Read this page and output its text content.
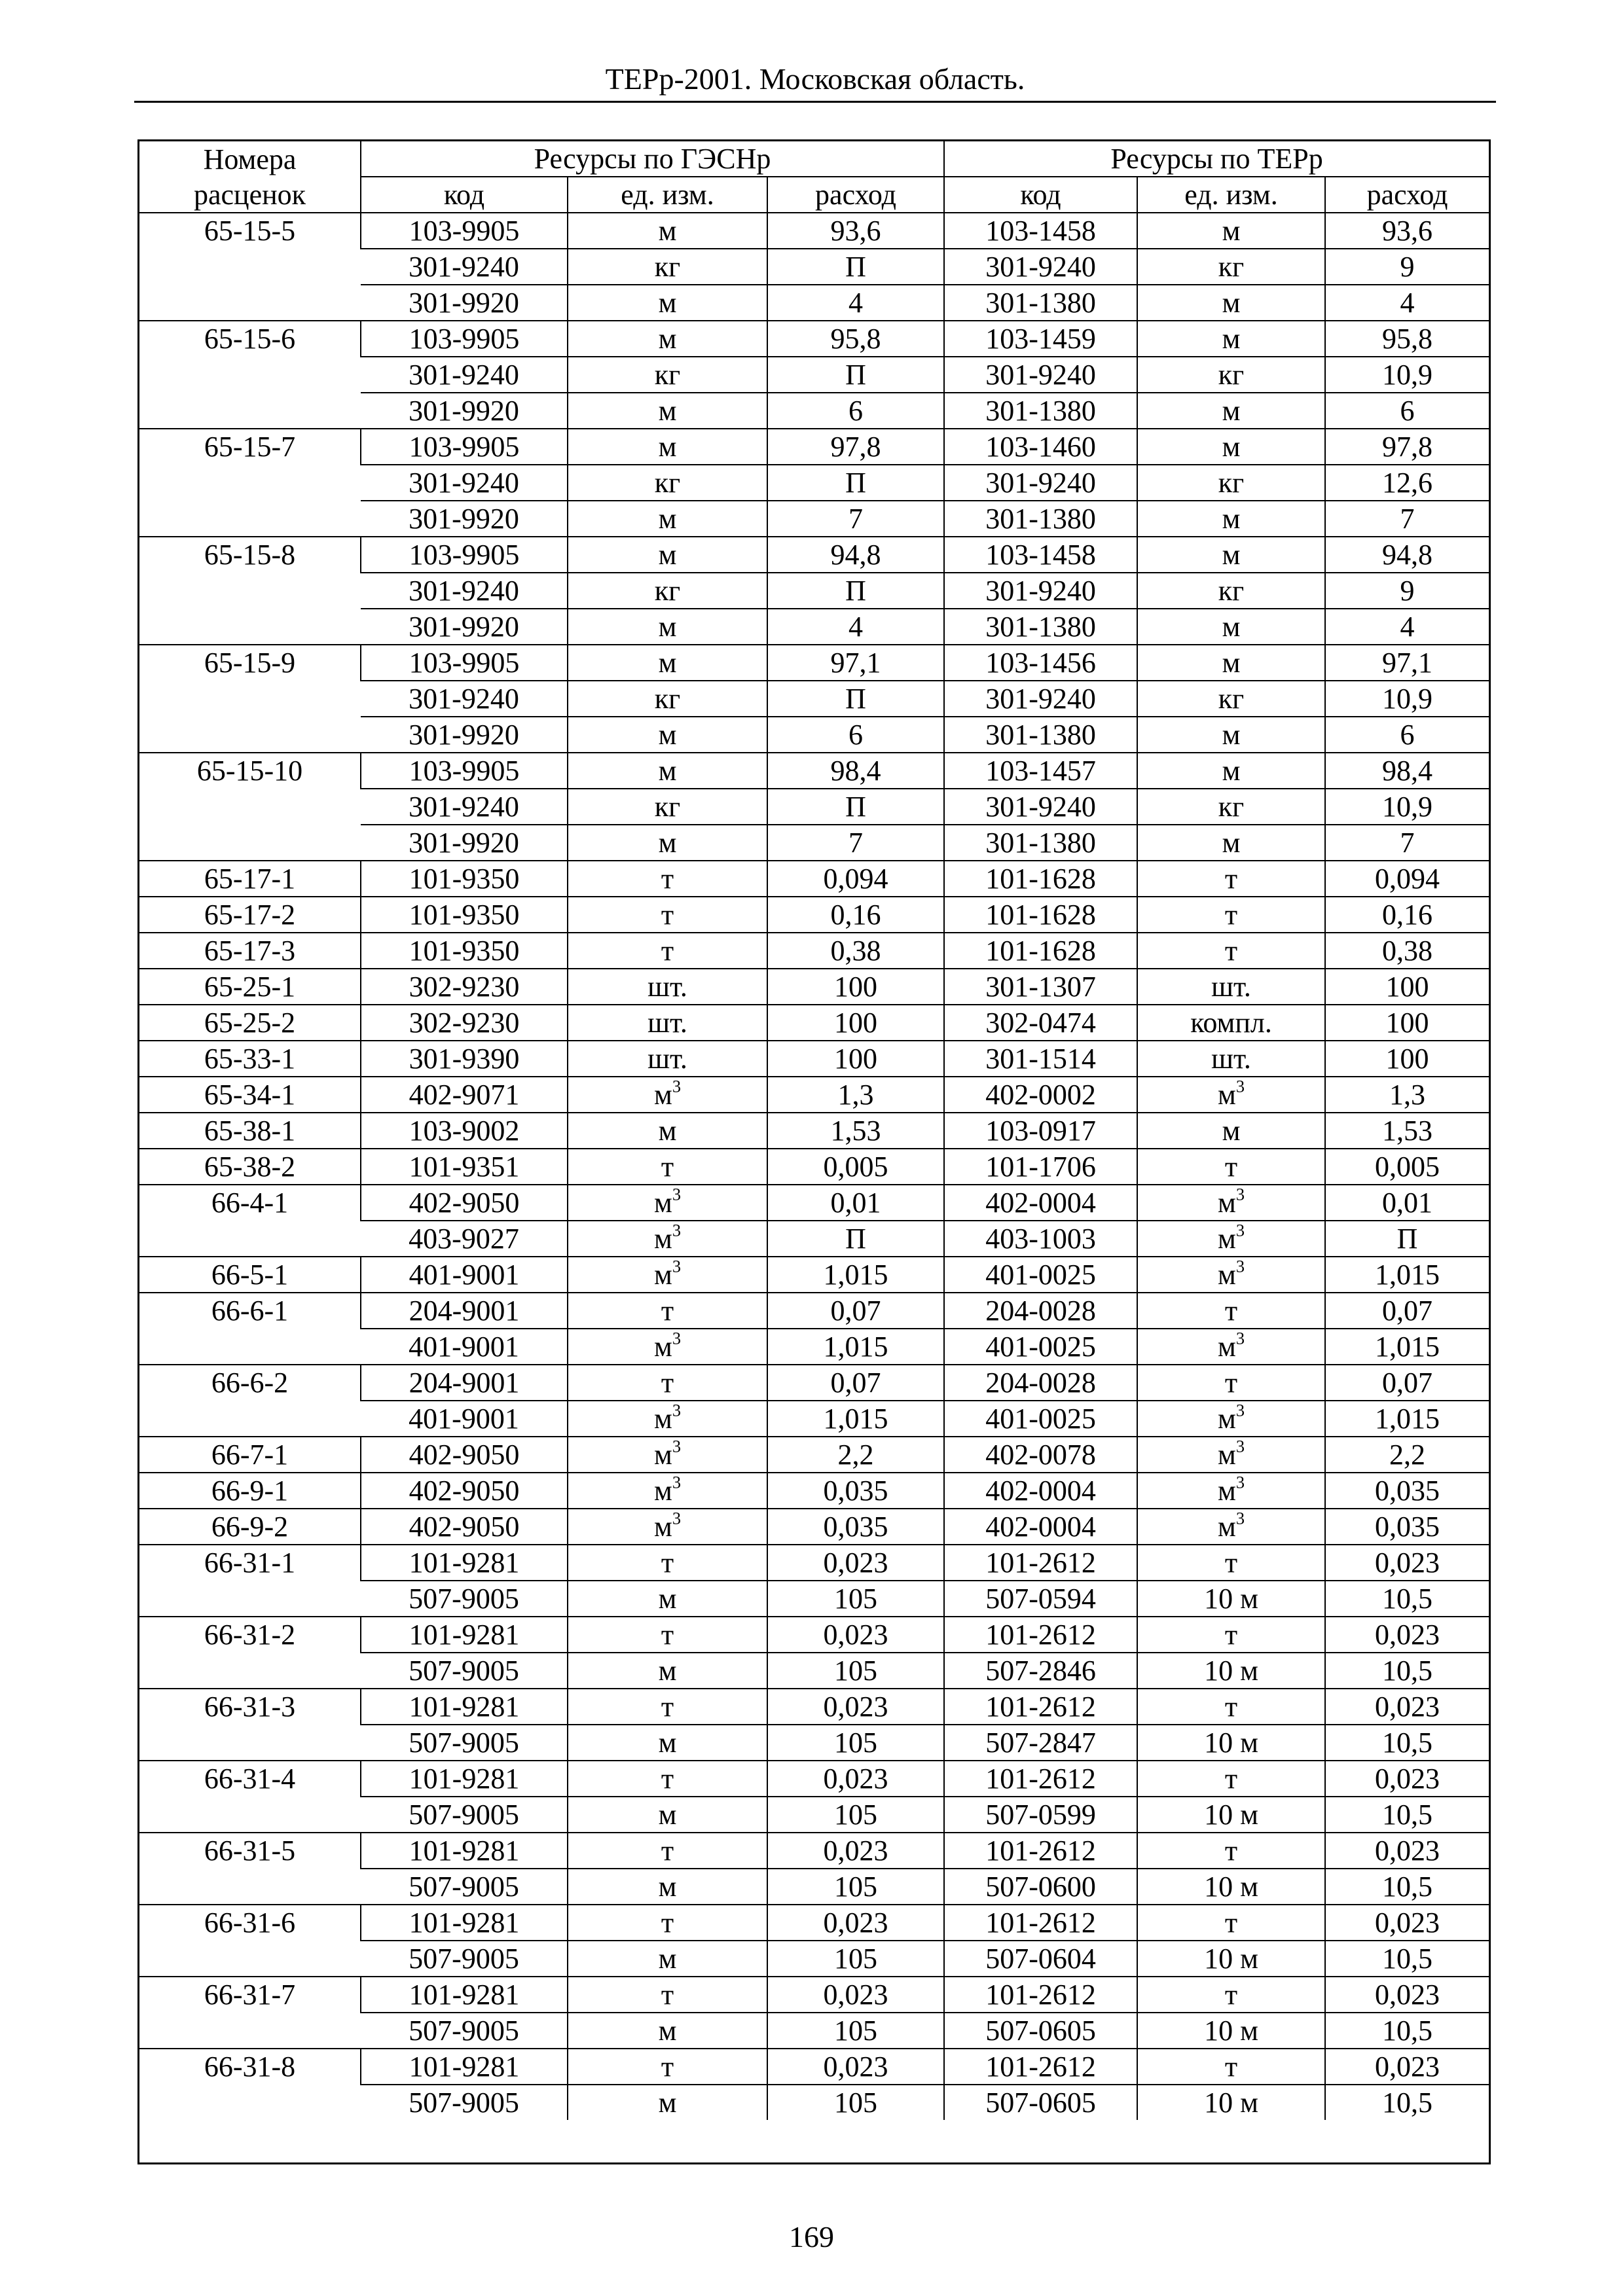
ТЕРр-2001. Московская область.
Номера	Ресурсы по ГЭСНр			Ресурсы по ТЕРр		
расценок	код	ед. изм.	расход	код	ед. изм.	расход
65-15-5	103-9905	м	93,6	103-1458	м	93,6
	301-9240	кг	П	301-9240	кг	9
	301-9920	м	4	301-1380	м	4
65-15-6	103-9905	м	95,8	103-1459	м	95,8
	301-9240	кг	П	301-9240	кг	10,9
	301-9920	м	6	301-1380	м	6
65-15-7	103-9905	м	97,8	103-1460	м	97,8
	301-9240	кг	П	301-9240	кг	12,6
	301-9920	м	7	301-1380	м	7
65-15-8	103-9905	м	94,8	103-1458	м	94,8
	301-9240	кг	П	301-9240	кг	9
	301-9920	м	4	301-1380	м	4
65-15-9	103-9905	м	97,1	103-1456	м	97,1
	301-9240	кг	П	301-9240	кг	10,9
	301-9920	м	6	301-1380	м	6
65-15-10	103-9905	м	98,4	103-1457	м	98,4
	301-9240	кг	П	301-9240	кг	10,9
	301-9920	м	7	301-1380	м	7
65-17-1	101-9350	т	0,094	101-1628	т	0,094
65-17-2	101-9350	т	0,16	101-1628	т	0,16
65-17-3	101-9350	т	0,38	101-1628	т	0,38
65-25-1	302-9230	шт.	100	301-1307	шт.	100
65-25-2	302-9230	шт.	100	302-0474	компл.	100
65-33-1	301-9390	шт.	100	301-1514	шт.	100
65-34-1	402-9071	$м^3$	1,3	402-0002	$м^3$	1,3
65-38-1	103-9002	м	1,53	103-0917	м	1,53
65-38-2	101-9351	т	0,005	101-1706	т	0,005
66-4-1	402-9050	$м^3$	0,01	402-0004	$м^3$	0,01
	403-9027	$м^3$	П	403-1003	$м^3$	П
66-5-1	401-9001	$м^3$	1,015	401-0025	$м^3$	1,015
66-6-1	204-9001	т	0,07	204-0028	т	0,07
	401-9001	$м^3$	1,015	401-0025	$м^3$	1,015
66-6-2	204-9001	т	0,07	204-0028	т	0,07
	401-9001	$м^3$	1,015	401-0025	$м^3$	1,015
66-7-1	402-9050	$м^3$	2,2	402-0078	$м^3$	2,2
66-9-1	402-9050	$м^3$	0,035	402-0004	$м^3$	0,035
66-9-2	402-9050	$м^3$	0,035	402-0004	$м^3$	0,035
66-31-1	101-9281	т	0,023	101-2612	т	0,023
	507-9005	м	105	507-0594	10 м	10,5
66-31-2	101-9281	т	0,023	101-2612	т	0,023
	507-9005	м	105	507-2846	10 м	10,5
66-31-3	101-9281	т	0,023	101-2612	т	0,023
	507-9005	м	105	507-2847	10 м	10,5
66-31-4	101-9281	т	0,023	101-2612	т	0,023
	507-9005	м	105	507-0599	10 м	10,5
66-31-5	101-9281	т	0,023	101-2612	т	0,023
	507-9005	м	105	507-0600	10 м	10,5
66-31-6	101-9281	т	0,023	101-2612	т	0,023
	507-9005	м	105	507-0604	10 м	10,5
66-31-7	101-9281	т	0,023	101-2612	т	0,023
	507-9005	м	105	507-0605	10 м	10,5
66-31-8	101-9281	т	0,023	101-2612	т	0,023
	507-9005	м	105	507-0605	10 м	10,5
169
